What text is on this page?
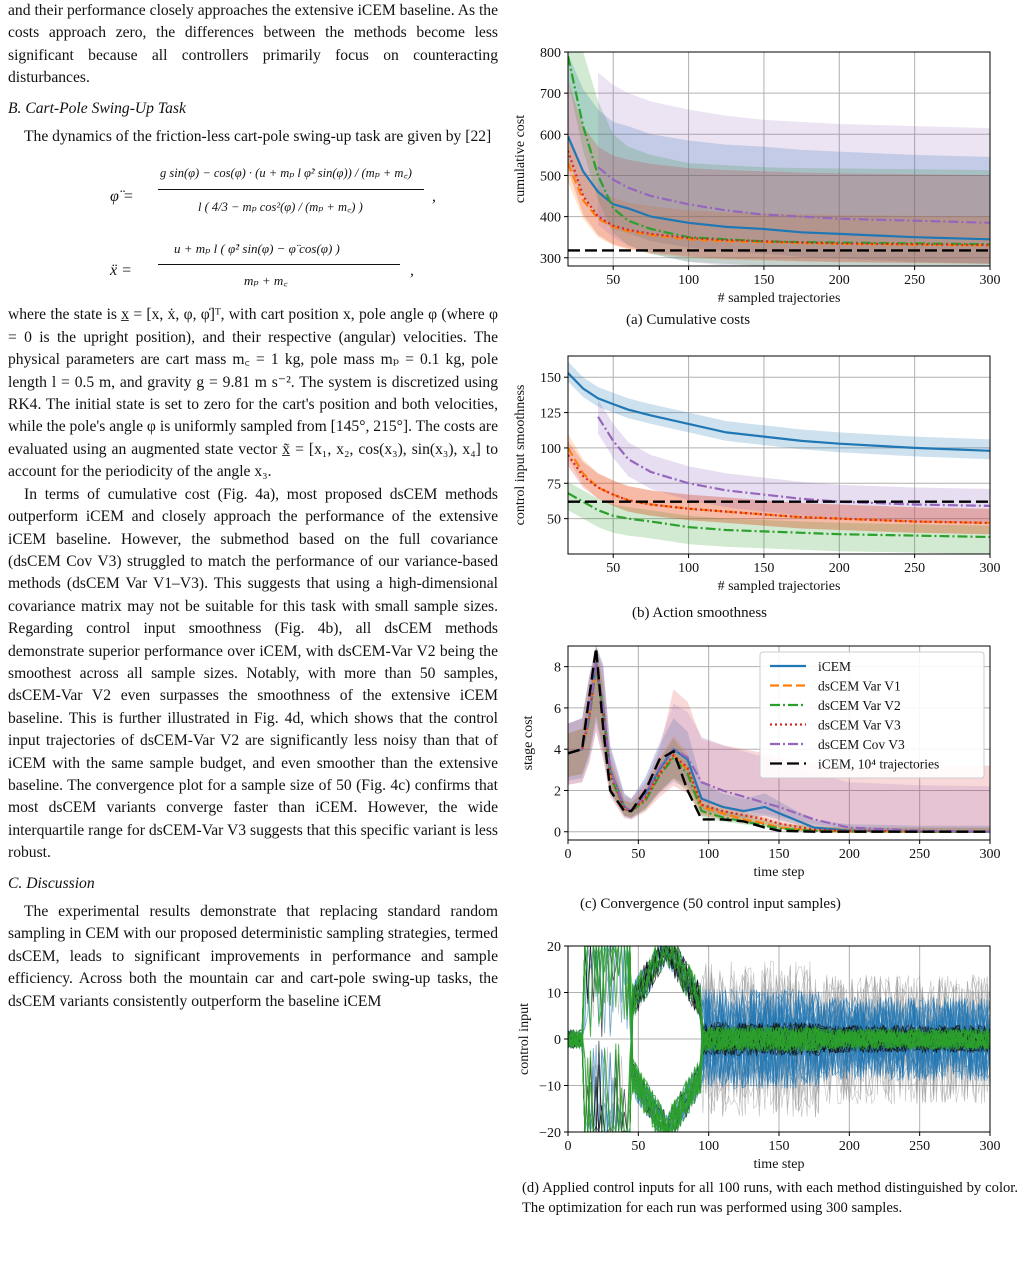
and their performance closely approaches the extensive iCEM baseline. As the costs approach zero, the differences between the methods become less significant because all controllers primarily focus on counteracting disturbances.

B. Cart-Pole Swing-Up Task

The dynamics of the friction-less cart-pole swing-up task are given by [22]

φ̈ =
g sin(φ) − cos(φ) · (u + mₚ l φ̇² sin(φ)) / (mₚ + m꜀)
l ( 4/3 − mₚ cos²(φ) / (mₚ + m꜀) )
,
ẍ =
u + mₚ l ( φ̇² sin(φ) − φ̈ cos(φ) )
mₚ + m꜀
,

where the state is x̲ = [x, ẋ, φ, φ̇]ᵀ, with cart position x, pole angle φ (where φ = 0 is the upright position), and their respective (angular) velocities. The physical parameters are cart mass m꜀ = 1 kg, pole mass mₚ = 0.1 kg, pole length l = 0.5 m, and gravity g = 9.81 m s⁻². The system is discretized using RK4. The initial state is set to zero for the cart's position and both velocities, while the pole's angle φ is uniformly sampled from [145°, 215°]. The costs are evaluated using an augmented state vector x̲̃ = [x₁, x₂, cos(x₃), sin(x₃), x₄] to account for the periodicity of the angle x₃.

In terms of cumulative cost (Fig. 4a), most proposed dsCEM methods outperform iCEM and closely approach the performance of the extensive iCEM baseline. However, the submethod based on the full covariance (dsCEM Cov V3) struggled to match the performance of our variance-based methods (dsCEM Var V1–V3). This suggests that using a high-dimensional covariance matrix may not be suitable for this task with small sample sizes. Regarding control input smoothness (Fig. 4b), all dsCEM methods demonstrate superior performance over iCEM, with dsCEM-Var V2 being the smoothest across all sample sizes. Notably, with more than 50 samples, dsCEM-Var V2 even surpasses the smoothness of the extensive iCEM baseline. This is further illustrated in Fig. 4d, which shows that the control input trajectories of dsCEM-Var V2 are significantly less noisy than that of iCEM with the same sample budget, and even smoother than the extensive baseline. The convergence plot for a sample size of 50 (Fig. 4c) confirms that most dsCEM variants converge faster than iCEM. However, the wide interquartile range for dsCEM-Var V3 suggests that this specific variant is less robust.

C. Discussion

The experimental results demonstrate that replacing standard random sampling in CEM with our proposed deterministic sampling strategies, termed dsCEM, leads to significant improvements in performance and sample efficiency. Across both the mountain car and cart-pole swing-up tasks, the dsCEM variants consistently outperform the baseline iCEM

50	100	150	200	250	300
300
400
500
600
700
800
# sampled trajectories
cumulative cost
(a) Cumulative costs
50	100	150	200	250	300
50
75
100
125
150
# sampled trajectories
control input smoothness
(b) Action smoothness
0	50	100	150	200	250	300
0
2
4
6
8
time step
stage cost
iCEM
dsCEM Var V1
dsCEM Var V2
dsCEM Var V3
dsCEM Cov V3
iCEM, 10⁴ trajectories
(c) Convergence (50 control input samples)
0	50	100	150	200	250	300
−20
−10
0
10
20
time step
control input
(d) Applied control inputs for all 100 runs, with each method distinguished by color. The optimization for each run was performed using 300 samples.
